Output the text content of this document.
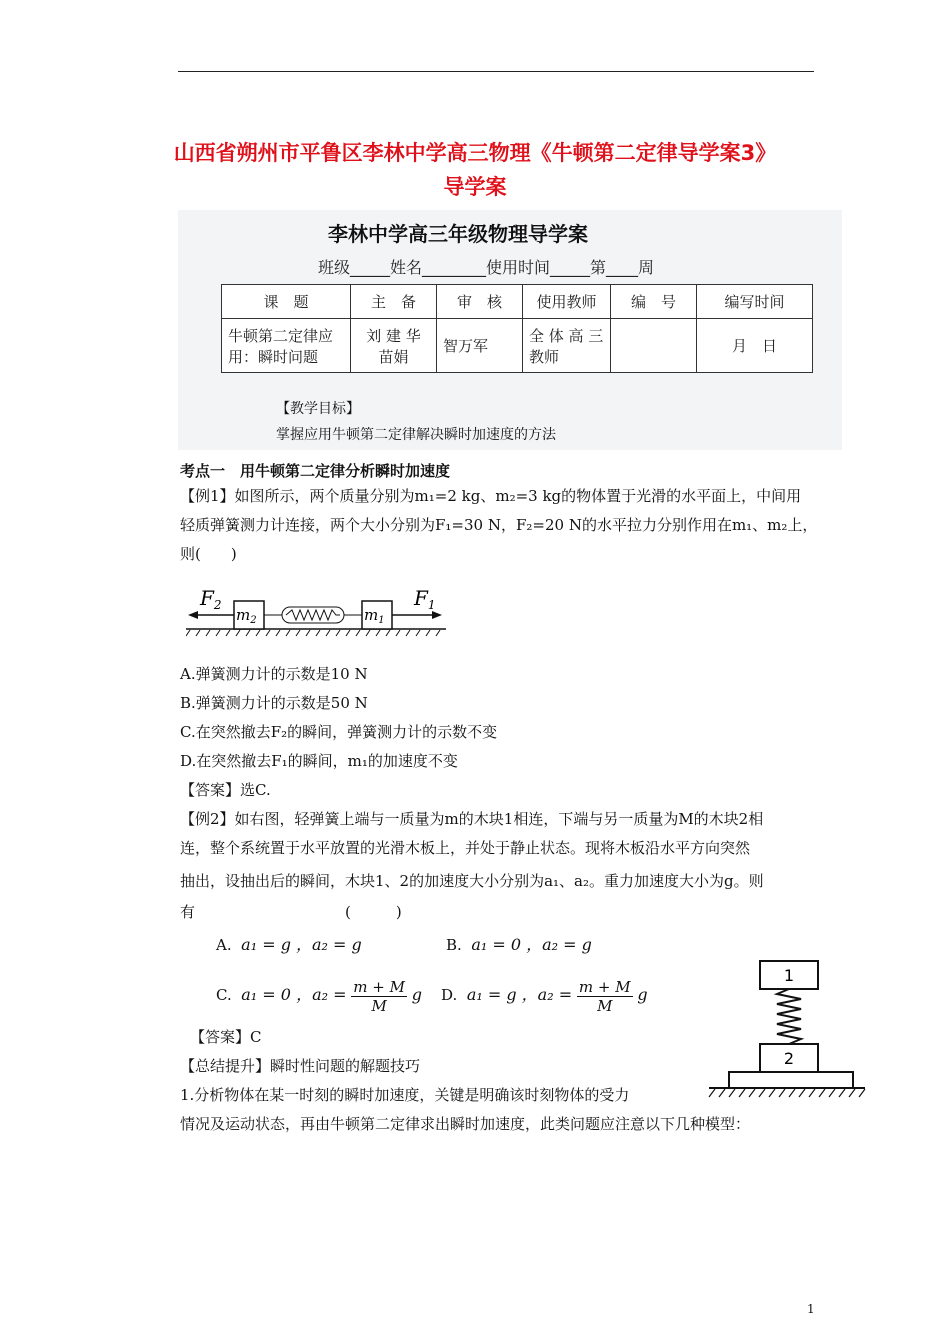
山西省朔州市平鲁区李林中学高三物理《牛顿第二定律导学案3》
导学案
李林中学高三年级物理导学案
班级_____姓名________使用时间_____第____周
课　题	主　备	审　核	使用教师	编　号	编写时间
牛顿第二定律应用：瞬时问题	刘 建 华 苗娟	智万军	全 体 高 三教师		月　日
【教学目标】
掌握应用牛顿第二定律解决瞬时加速度的方法
考点一　用牛顿第二定律分析瞬时加速度
【例1】如图所示，两个质量分别为m₁=2 kg、m₂=3 kg的物体置于光滑的水平面上，中间用
轻质弹簧测力计连接，两个大小分别为F₁=30 N，F₂=20 N的水平拉力分别作用在m₁、m₂上，
则(　　)
$F_2$
$m_2$	$m_1$
$F_1$
A.弹簧测力计的示数是10 N
B.弹簧测力计的示数是50 N
C.在突然撤去F₂的瞬间，弹簧测力计的示数不变
D.在突然撤去F₁的瞬间，m₁的加速度不变
【答案】选C.
【例2】如右图，轻弹簧上端与一质量为m的木块1相连，下端与另一质量为M的木块2相
连，整个系统置于水平放置的光滑木板上，并处于静止状态。现将木板沿水平方向突然
抽出，设抽出后的瞬间，木块1、2的加速度大小分别为a₁、a₂。重力加速度大小为g。则
有　　　　　　　　　　(　　　)
A. a₁ = g ，a₂ = g	B. a₁ = 0 ，a₂ = g
C. a₁ = 0 ，$a_2 = \frac{m + M}{M}$ g D. a₁ = g ，$a_2 = \frac{m + M}{M}$ g
【答案】C
1
2
【总结提升】瞬时性问题的解题技巧
1.分析物体在某一时刻的瞬时加速度，关键是明确该时刻物体的受力
情况及运动状态，再由牛顿第二定律求出瞬时加速度，此类问题应注意以下几种模型：
1
